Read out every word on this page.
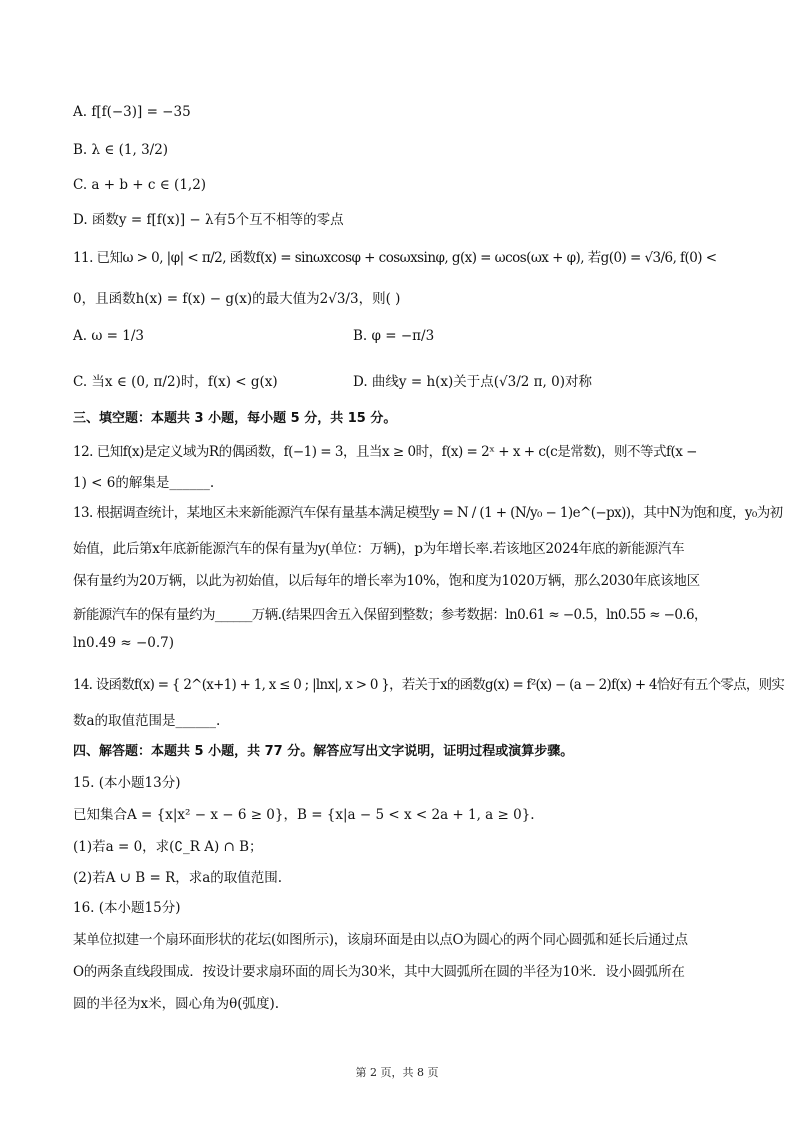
A. f[f(−3)] = −35
B. λ ∈ (1, 3/2)
C. a + b + c ∈ (1,2)
D. 函数y = f[f(x)] − λ有5个互不相等的零点
11. 已知ω > 0, |φ| < π/2, 函数f(x) = sinωxcosφ + cosωxsinφ, g(x) = ωcos(ωx + φ), 若g(0) = √3/6, f(0) <
0，且函数h(x) = f(x) − g(x)的最大值为2√3/3，则( )
A. ω = 1/3	B. φ = −π/3
C. 当x ∈ (0, π/2)时，f(x) < g(x)	D. 曲线y = h(x)关于点(√3/2 π, 0)对称
三、填空题：本题共 3 小题，每小题 5 分，共 15 分。
12. 已知f(x)是定义域为R的偶函数，f(−1) = 3，且当x ≥ 0时，f(x) = 2ˣ + x + c(c是常数)，则不等式f(x −
1) < 6的解集是______.
13. 根据调查统计，某地区未来新能源汽车保有量基本满足模型y = N / (1 + (N/y₀ − 1)e^(−px))，其中N为饱和度，y₀为初
始值，此后第x年底新能源汽车的保有量为y(单位：万辆)，p为年增长率.若该地区2024年底的新能源汽车
保有量约为20万辆，以此为初始值，以后每年的增长率为10%，饱和度为1020万辆，那么2030年底该地区
新能源汽车的保有量约为______万辆.(结果四舍五入保留到整数；参考数据：ln0.61 ≈ −0.5，ln0.55 ≈ −0.6，
ln0.49 ≈ −0.7)
14. 设函数f(x) = { 2^(x+1) + 1, x ≤ 0 ; |lnx|, x > 0 }，若关于x的函数g(x) = f²(x) − (a − 2)f(x) + 4恰好有五个零点，则实
数a的取值范围是______.
四、解答题：本题共 5 小题，共 77 分。解答应写出文字说明，证明过程或演算步骤。
15. (本小题13分)
已知集合A = {x|x² − x − 6 ≥ 0}，B = {x|a − 5 < x < 2a + 1, a ≥ 0}.
(1)若a = 0，求(∁_R A) ∩ B；
(2)若A ∪ B = R，求a的取值范围.
16. (本小题15分)
某单位拟建一个扇环面形状的花坛(如图所示)，该扇环面是由以点O为圆心的两个同心圆弧和延长后通过点
O的两条直线段围成．按设计要求扇环面的周长为30米，其中大圆弧所在圆的半径为10米．设小圆弧所在
圆的半径为x米，圆心角为θ(弧度).
第 2 页，共 8 页
